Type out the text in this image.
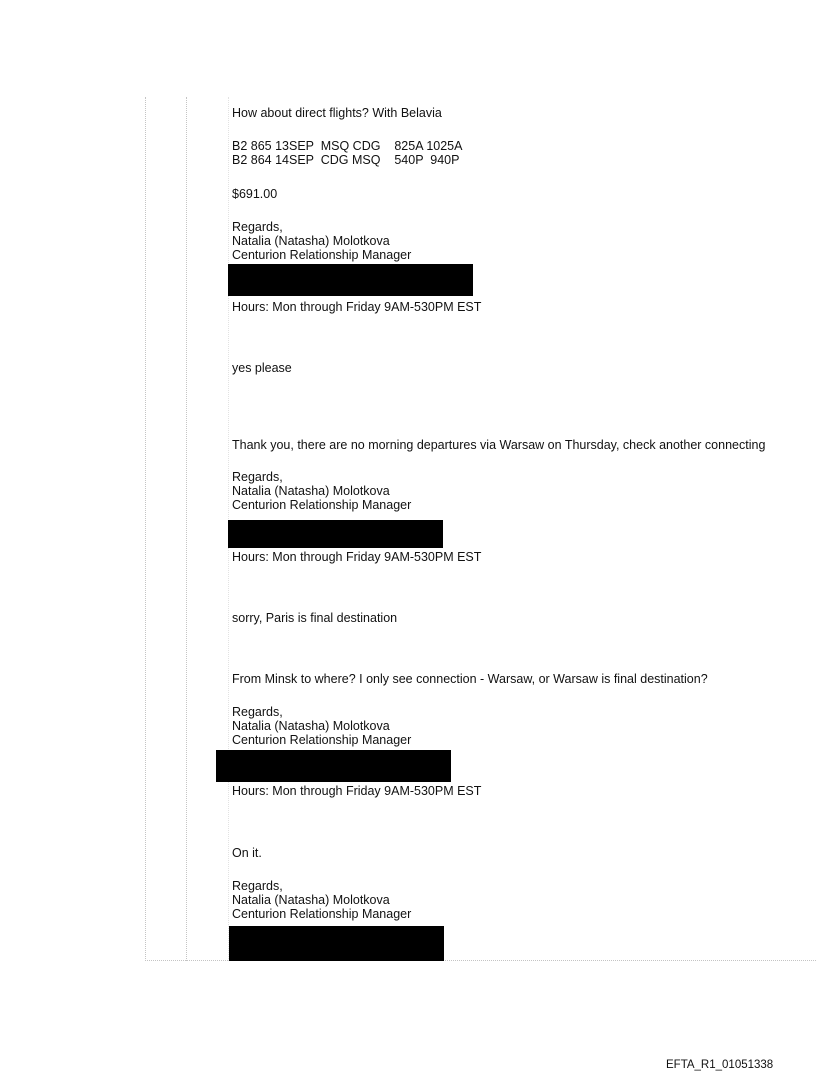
How about direct flights? With Belavia
B2 865 13SEP  MSQ CDG    825A 1025A
B2 864 14SEP  CDG MSQ    540P  940P
$691.00
Regards,
Natalia (Natasha) Molotkova
Centurion Relationship Manager
Hours: Mon through Friday 9AM-530PM EST
yes please
Thank you, there are no morning departures via Warsaw on Thursday, check another connecting
Regards,
Natalia (Natasha) Molotkova
Centurion Relationship Manager
Hours: Mon through Friday 9AM-530PM EST
sorry, Paris is final destination
From Minsk to where? I only see connection - Warsaw, or Warsaw is final destination?
Regards,
Natalia (Natasha) Molotkova
Centurion Relationship Manager
Hours: Mon through Friday 9AM-530PM EST
On it.
Regards,
Natalia (Natasha) Molotkova
Centurion Relationship Manager
EFTA_R1_01051338
